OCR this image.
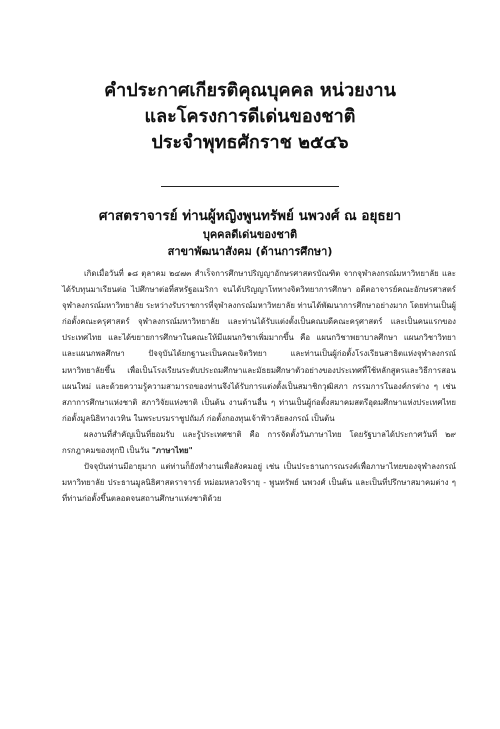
คำประกาศเกียรติคุณบุคคล หน่วยงาน
และโครงการดีเด่นของชาติ
ประจำพุทธศักราช ๒๕๔๖
ศาสตราจารย์ ท่านผู้หญิงพูนทรัพย์ นพวงศ์ ณ อยุธยา
บุคคลดีเด่นของชาติ
สาขาพัฒนาสังคม (ด้านการศึกษา)

เกิดเมื่อวันที่ ๑๘ ตุลาคม ๒๔๗๓ สำเร็จการศึกษาปริญญาอักษรศาสตรบัณฑิต จากจุฬาลงกรณ์มหาวิทยาลัย และได้รับทุนมาเรียนต่อ ไปศึกษาต่อที่สหรัฐอเมริกา จนได้ปริญญาโททางจิตวิทยาการศึกษา อดีตอาจารย์คณะอักษรศาสตร์ จุฬาลงกรณ์มหาวิทยาลัย ระหว่างรับราชการที่จุฬาลงกรณ์มหาวิทยาลัย ท่านได้พัฒนาการศึกษาอย่างมาก โดยท่านเป็นผู้ก่อตั้งคณะครุศาสตร์ จุฬาลงกรณ์มหาวิทยาลัย และท่านได้รับแต่งตั้งเป็นคณบดีคณะครุศาสตร์ และเป็นคนแรกของประเทศไทย และได้ขยายการศึกษาในคณะให้มีแผนกวิชาเพิ่มมากขึ้น คือ แผนกวิชาพยาบาลศึกษา แผนกวิชาวิทยา และแผนกพลศึกษา ปัจจุบันได้ยกฐานะเป็นคณะจิตวิทยา และท่านเป็นผู้ก่อตั้งโรงเรียนสาธิตแห่งจุฬาลงกรณ์มหาวิทยาลัยขึ้น เพื่อเป็นโรงเรียนระดับประถมศึกษาและมัธยมศึกษาตัวอย่างของประเทศที่ใช้หลักสูตรและวิธีการสอนแผนใหม่ และด้วยความรู้ความสามารถของท่านจึงได้รับการแต่งตั้งเป็นสมาชิกวุฒิสภา กรรมการในองค์กรต่าง ๆ เช่น สภาการศึกษาแห่งชาติ สภาวิจัยแห่งชาติ เป็นต้น งานด้านอื่น ๆ ท่านเป็นผู้ก่อตั้งสมาคมสตรีอุดมศึกษาแห่งประเทศไทย ก่อตั้งมูลนิธิทางเวทิน ในพระบรมราชูปถัมภ์ ก่อตั้งกองทุนเจ้าฟ้าวลัยลงกรณ์ เป็นต้น

ผลงานที่สำคัญเป็นที่ยอมรับ และรู้ประเทศชาติ คือ การจัดตั้งวันภาษาไทย โดยรัฐบาลได้ประกาศวันที่ ๒๙ กรกฎาคมของทุกปี เป็นวัน "ภาษาไทย"

ปัจจุบันท่านมีอายุมาก แต่ท่านก็ยังทำงานเพื่อสังคมอยู่ เช่น เป็นประธานการณรงค์เพื่อภาษาไทยของจุฬาลงกรณ์มหาวิทยาลัย ประธานมูลนิธิศาสตราจารย์ หม่อมหลวงจิรายุ - พูนทรัพย์ นพวงศ์ เป็นต้น และเป็นที่ปรึกษาสมาคมต่าง ๆ ที่ท่านก่อตั้งขึ้นตลอดจนสถานศึกษาแห่งชาติด้วย
